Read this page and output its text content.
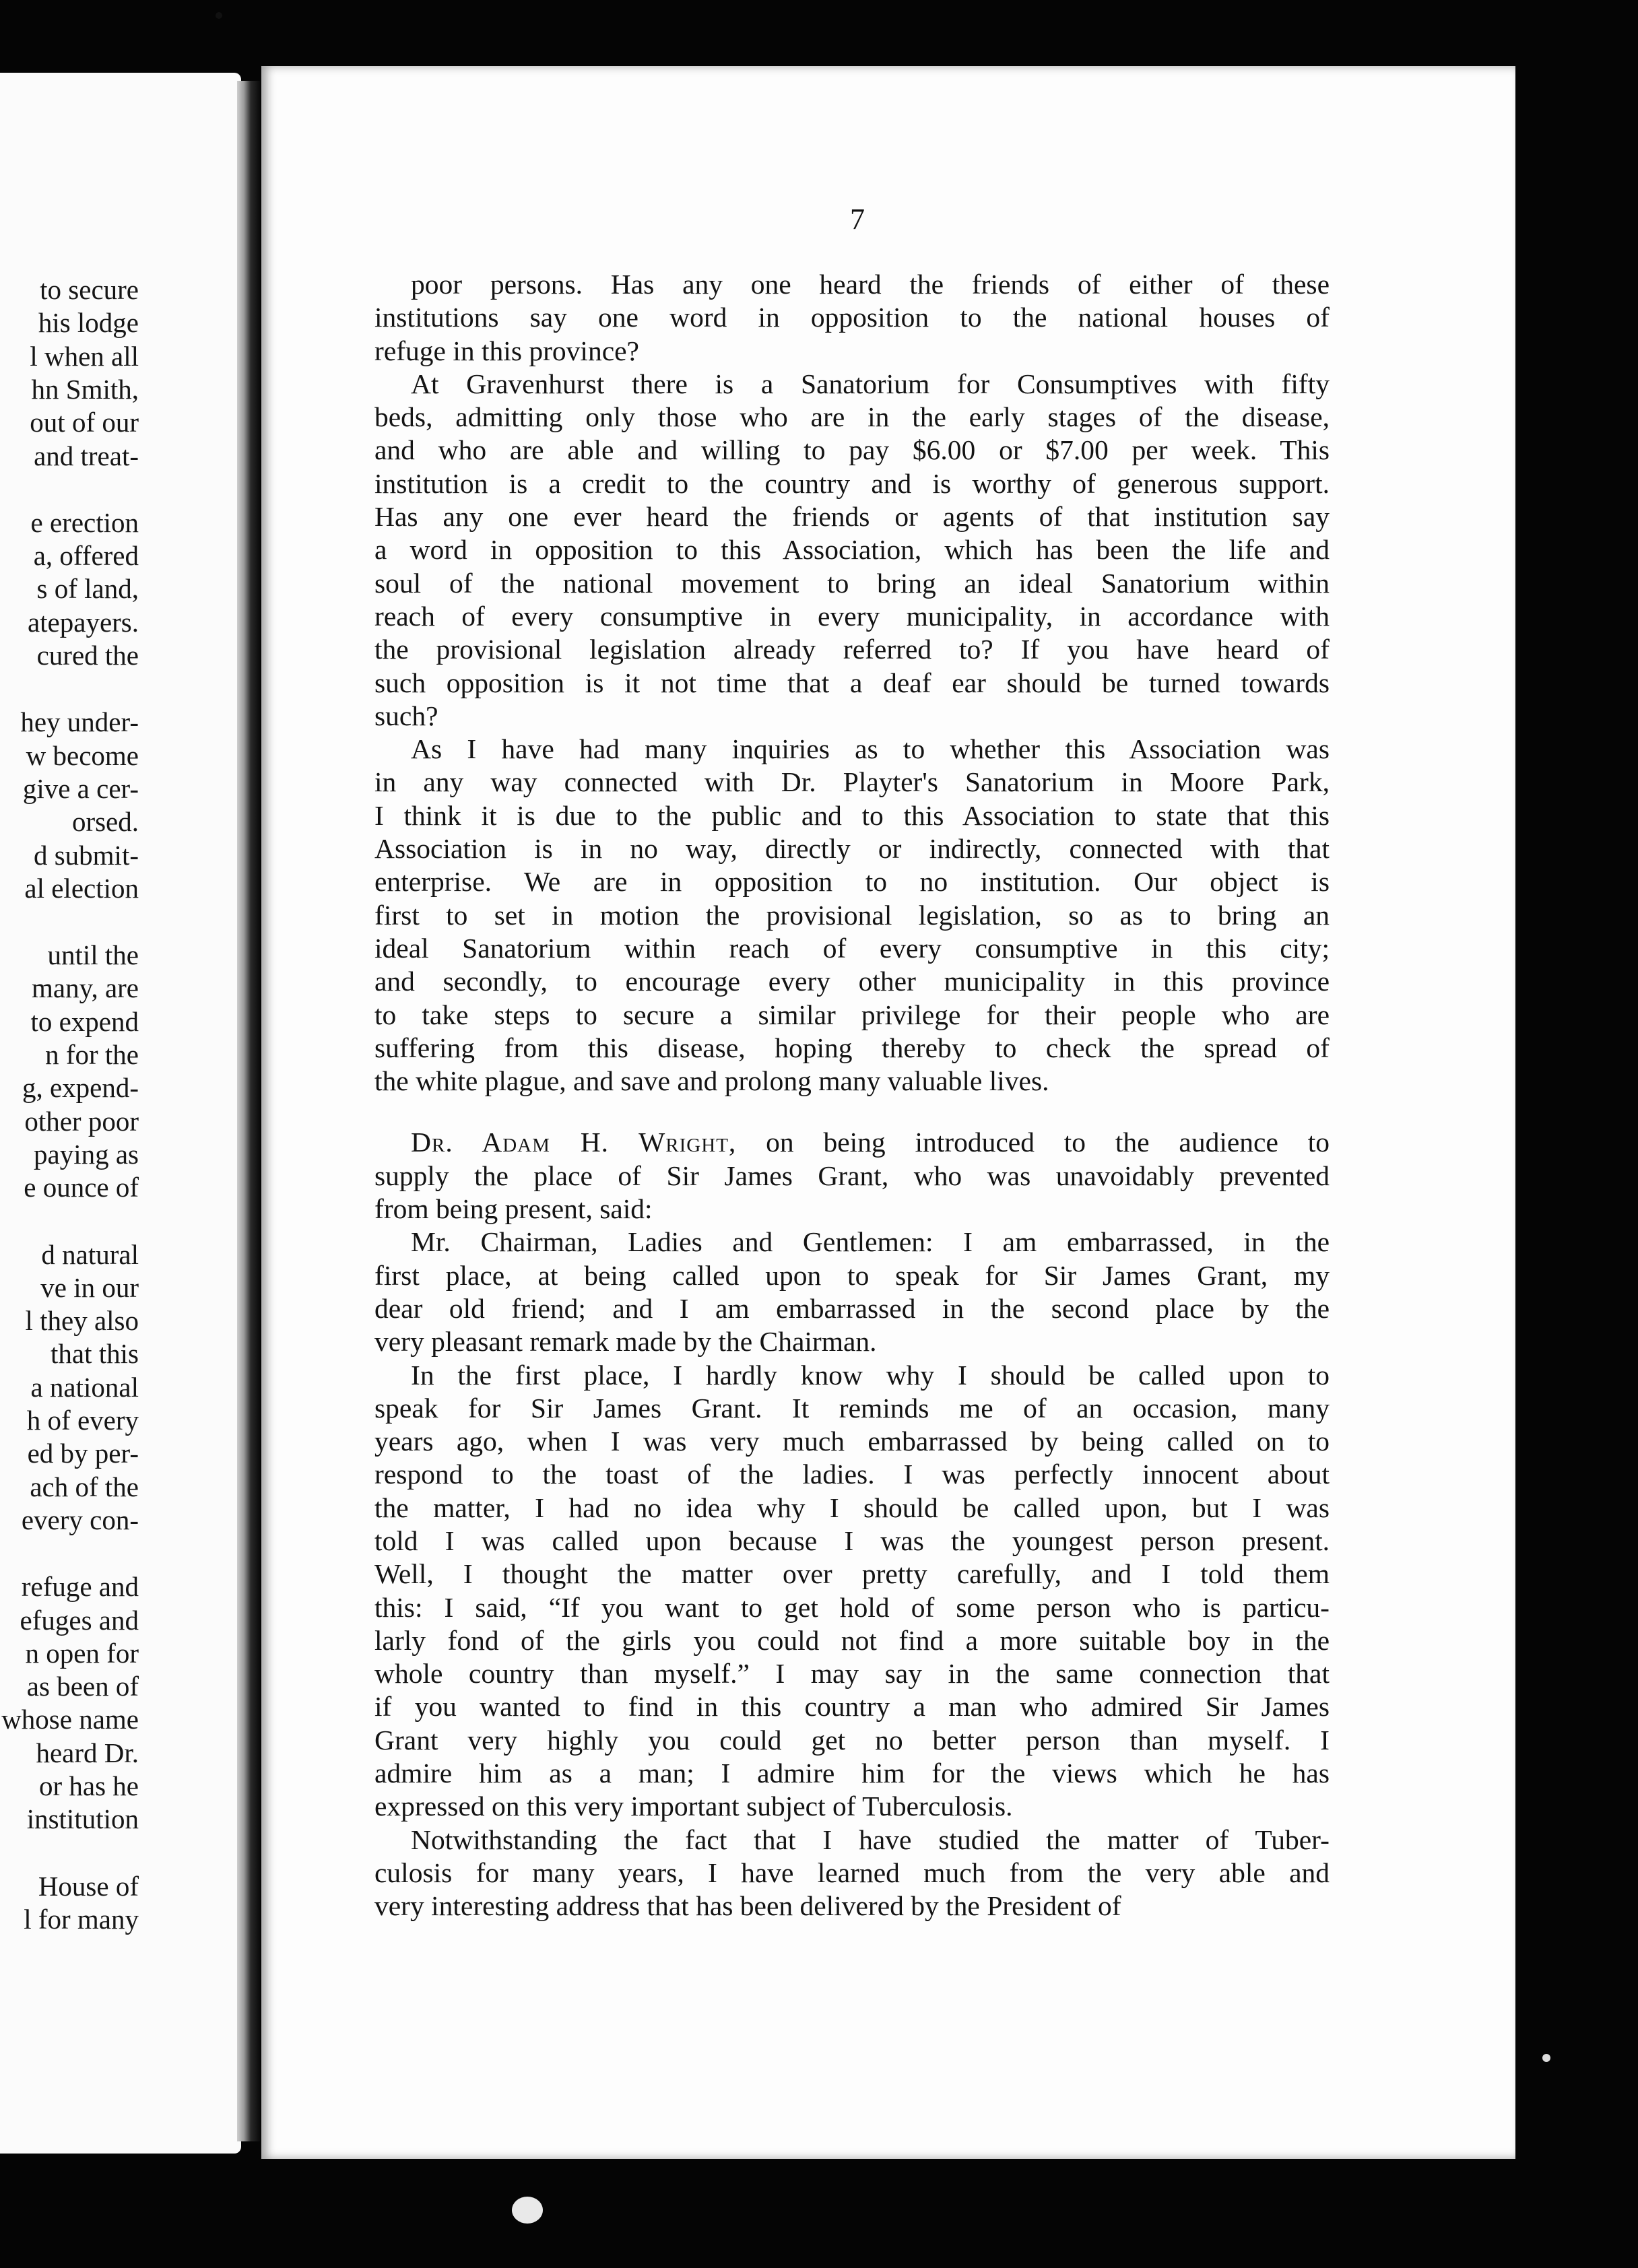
to secure
his lodge
l when all
hn Smith,
out of our
and treat-
e erection
a, offered
s of land,
atepayers.
cured the
hey under-
w become
give a cer-
orsed.
d submit-
al election
until the
many, are
to expend
n for the
g, expend-
other poor
paying as
e ounce of
d natural
ve in our
l they also
that this
a national
h of every
ed by per-
ach of the
every con-
refuge and
efuges and
n open for
as been of
whose name
heard Dr.
or has he
institution
House of
l for many
7
poor persons. Has any one heard the friends of either of these
institutions say one word in opposition to the national houses of
refuge in this province?
At Gravenhurst there is a Sanatorium for Consumptives with fifty
beds, admitting only those who are in the early stages of the disease,
and who are able and willing to pay $6.00 or $7.00 per week. This
institution is a credit to the country and is worthy of generous support.
Has any one ever heard the friends or agents of that institution say
a word in opposition to this Association, which has been the life and
soul of the national movement to bring an ideal Sanatorium within
reach of every consumptive in every municipality, in accordance with
the provisional legislation already referred to? If you have heard of
such opposition is it not time that a deaf ear should be turned towards
such?
As I have had many inquiries as to whether this Association was
in any way connected with Dr. Playter's Sanatorium in Moore Park,
I think it is due to the public and to this Association to state that this
Association is in no way, directly or indirectly, connected with that
enterprise. We are in opposition to no institution. Our object is
first to set in motion the provisional legislation, so as to bring an
ideal Sanatorium within reach of every consumptive in this city;
and secondly, to encourage every other municipality in this province
to take steps to secure a similar privilege for their people who are
suffering from this disease, hoping thereby to check the spread of
the white plague, and save and prolong many valuable lives.
Dr. Adam H. Wright, on being introduced to the audience to
supply the place of Sir James Grant, who was unavoidably prevented
from being present, said:
Mr. Chairman, Ladies and Gentlemen: I am embarrassed, in the
first place, at being called upon to speak for Sir James Grant, my
dear old friend; and I am embarrassed in the second place by the
very pleasant remark made by the Chairman.
In the first place, I hardly know why I should be called upon to
speak for Sir James Grant. It reminds me of an occasion, many
years ago, when I was very much embarrassed by being called on to
respond to the toast of the ladies. I was perfectly innocent about
the matter, I had no idea why I should be called upon, but I was
told I was called upon because I was the youngest person present.
Well, I thought the matter over pretty carefully, and I told them
this: I said, “If you want to get hold of some person who is particu-
larly fond of the girls you could not find a more suitable boy in the
whole country than myself.” I may say in the same connection that
if you wanted to find in this country a man who admired Sir James
Grant very highly you could get no better person than myself. I
admire him as a man; I admire him for the views which he has
expressed on this very important subject of Tuberculosis.
Notwithstanding the fact that I have studied the matter of Tuber-
culosis for many years, I have learned much from the very able and
very interesting address that has been delivered by the President of
